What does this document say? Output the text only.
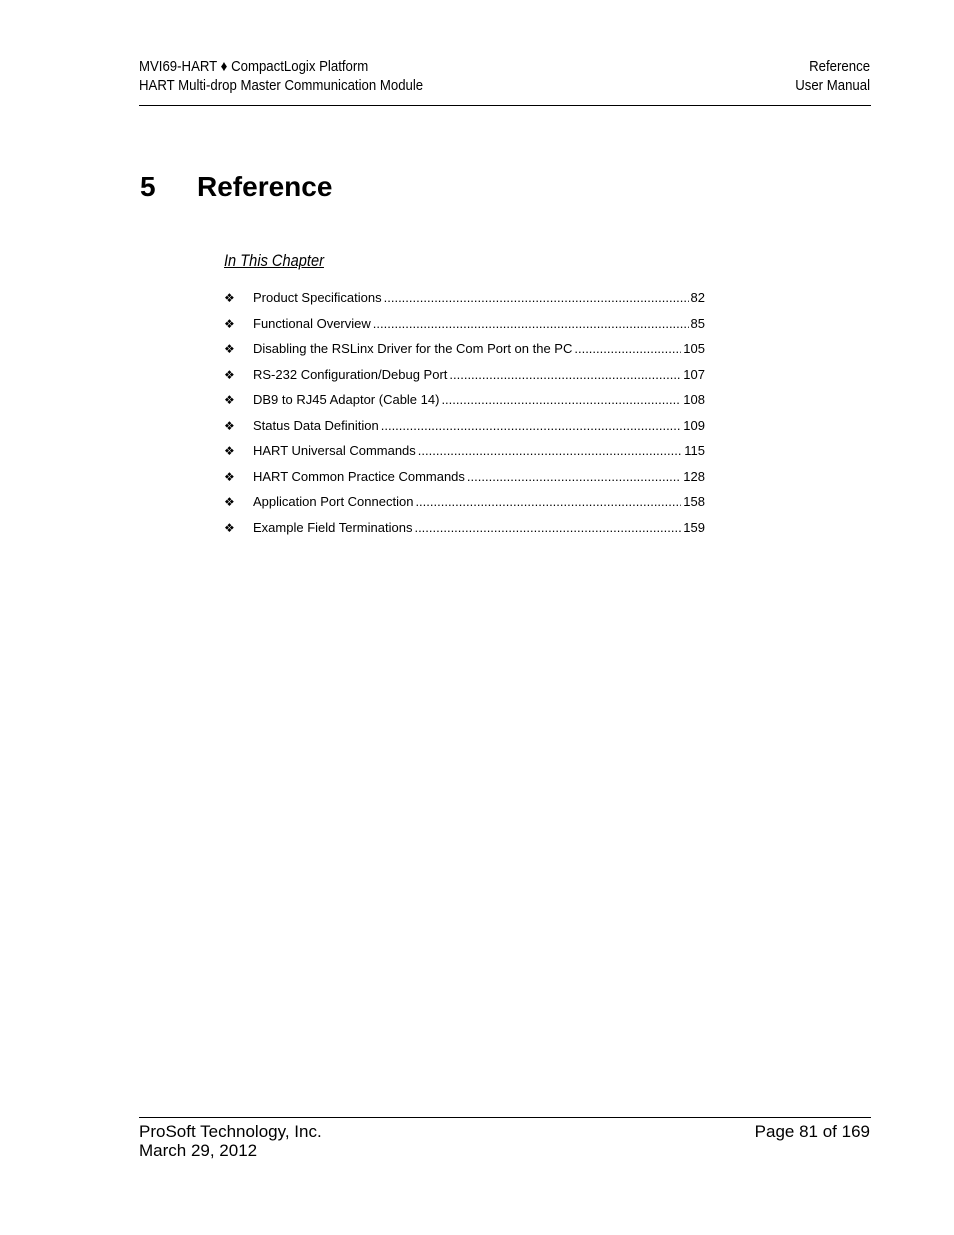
MVI69-HART ♦ CompactLogix Platform
HART Multi-drop Master Communication Module
Reference
User Manual
5 Reference
In This Chapter
❖	Product Specifications .....	82
❖	Functional Overview .....	85
❖	Disabling the RSLinx Driver for the Com Port on the PC .....	105
❖	RS-232 Configuration/Debug Port .....	107
❖	DB9 to RJ45 Adaptor (Cable 14) .....	108
❖	Status Data Definition .....	109
❖	HART Universal Commands .....	115
❖	HART Common Practice Commands .....	128
❖	Application Port Connection .....	158
❖	Example Field Terminations .....	159
ProSoft Technology, Inc.
March 29, 2012
Page 81 of 169
